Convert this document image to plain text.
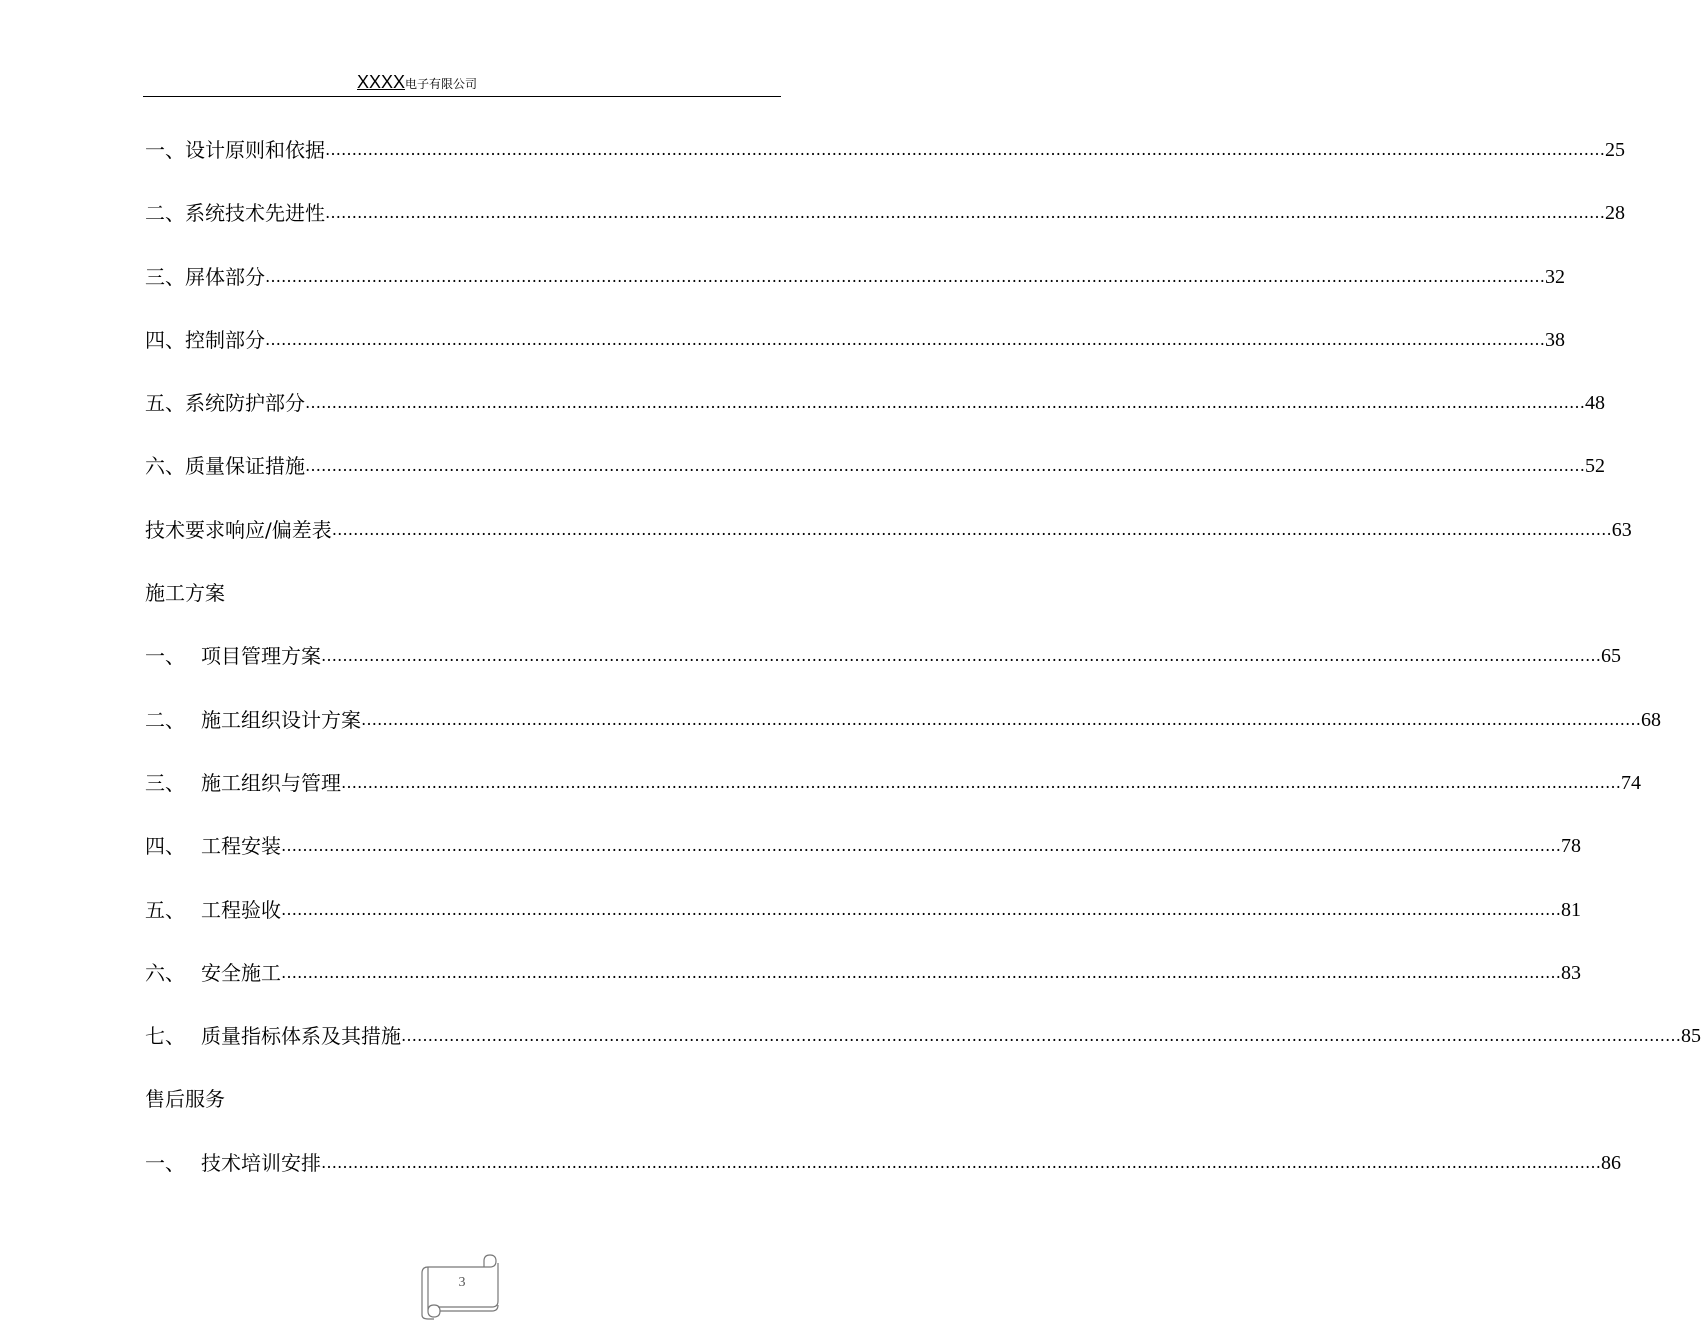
XXXX电子有限公司
一、设计原则和依据 …………………………………………………………………………………………………………………………………………………………………………………………………………………… 25
二、系统技术先进性 …………………………………………………………………………………………………………………………………………………………………………………………………………………… 28
三、屏体部分 …………………………………………………………………………………………………………………………………………………………………………………………………………………… 32
四、控制部分 …………………………………………………………………………………………………………………………………………………………………………………………………………………… 38
五、系统防护部分 …………………………………………………………………………………………………………………………………………………………………………………………………………………… 48
六、质量保证措施 …………………………………………………………………………………………………………………………………………………………………………………………………………………… 52
技术要求响应/偏差表 …………………………………………………………………………………………………………………………………………………………………………………………………………………… 63
施工方案
一、 项目管理方案 …………………………………………………………………………………………………………………………………………………………………………………………………………………… 65
二、 施工组织设计方案 …………………………………………………………………………………………………………………………………………………………………………………………………………………… 68
三、 施工组织与管理 …………………………………………………………………………………………………………………………………………………………………………………………………………………… 74
四、 工程安装 …………………………………………………………………………………………………………………………………………………………………………………………………………………… 78
五、 工程验收 …………………………………………………………………………………………………………………………………………………………………………………………………………………… 81
六、 安全施工 …………………………………………………………………………………………………………………………………………………………………………………………………………………… 83
七、 质量指标体系及其措施 …………………………………………………………………………………………………………………………………………………………………………………………………………………… 85
售后服务
一、 技术培训安排 …………………………………………………………………………………………………………………………………………………………………………………………………………………… 86
3
